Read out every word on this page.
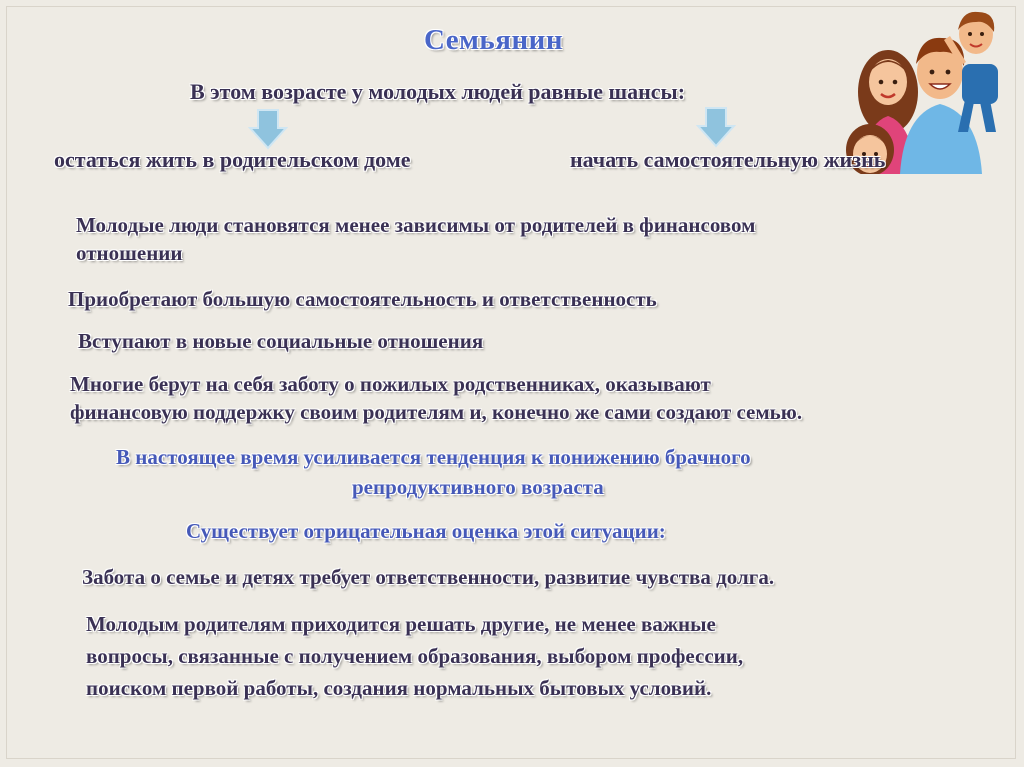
Семьянин
В этом возрасте у молодых людей равные шансы:
остаться жить в родительском доме	начать самостоятельную жизнь
Молодые люди становятся менее зависимы от родителей в финансовом
отношении
Приобретают большую самостоятельность и ответственность
Вступают в новые социальные отношения
Многие берут на себя заботу о пожилых родственниках, оказывают
финансовую поддержку своим родителям и, конечно же сами создают семью.
В настоящее время усиливается тенденция к понижению брачного
репродуктивного возраста
Существует отрицательная оценка этой ситуации:
Забота о семье и детях требует ответственности, развитие чувства долга.
Молодым родителям приходится решать другие, не менее важные
вопросы, связанные с получением образования, выбором профессии,
поиском первой работы, создания нормальных бытовых условий.
